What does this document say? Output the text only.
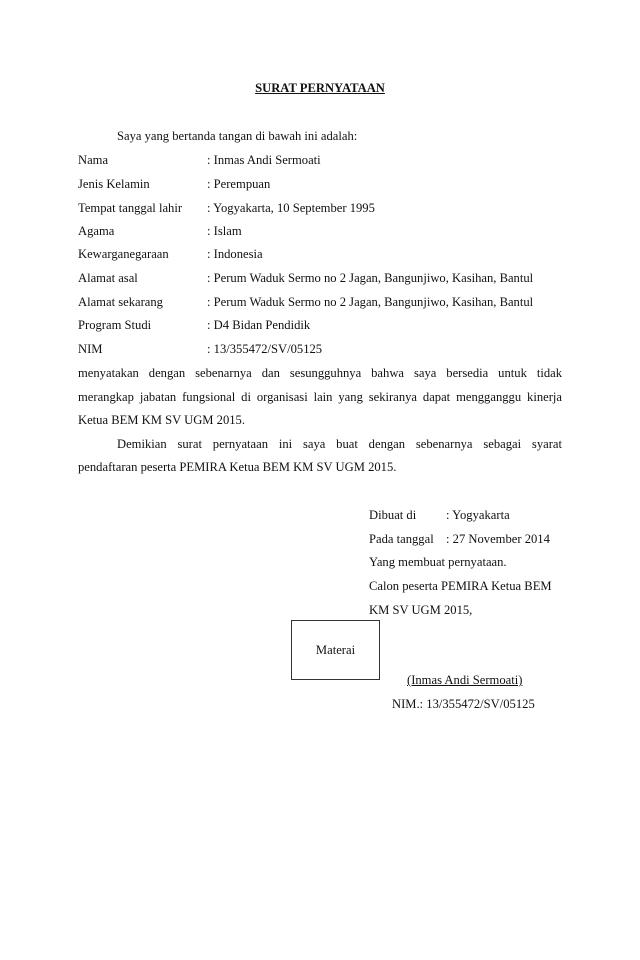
SURAT PERNYATAAN
Saya yang bertanda tangan di bawah ini adalah:
Nama	: Inmas Andi Sermoati
Jenis Kelamin	: Perempuan
Tempat tanggal lahir : Yogyakarta, 10 September 1995
Agama	: Islam
Kewarganegaraan	: Indonesia
Alamat asal	: Perum Waduk Sermo no 2 Jagan, Bangunjiwo, Kasihan, Bantul
Alamat sekarang	: Perum Waduk Sermo no 2 Jagan, Bangunjiwo, Kasihan, Bantul
Program Studi	: D4 Bidan Pendidik
NIM	: 13/355472/SV/05125
menyatakan dengan sebenarnya dan sesungguhnya bahwa saya bersedia untuk tidak
merangkap jabatan fungsional di organisasi lain yang sekiranya dapat mengganggu kinerja
Ketua BEM KM SV UGM 2015.
Demikian surat pernyataan ini saya buat dengan sebenarnya sebagai syarat
pendaftaran peserta PEMIRA Ketua BEM KM SV UGM 2015.
Dibuat di : Yogyakarta
Pada tanggal : 27 November 2014
Yang membuat pernyataan.
Calon peserta PEMIRA Ketua BEM
KM SV UGM 2015,
Materai
(Inmas Andi Sermoati)
NIM.: 13/355472/SV/05125
